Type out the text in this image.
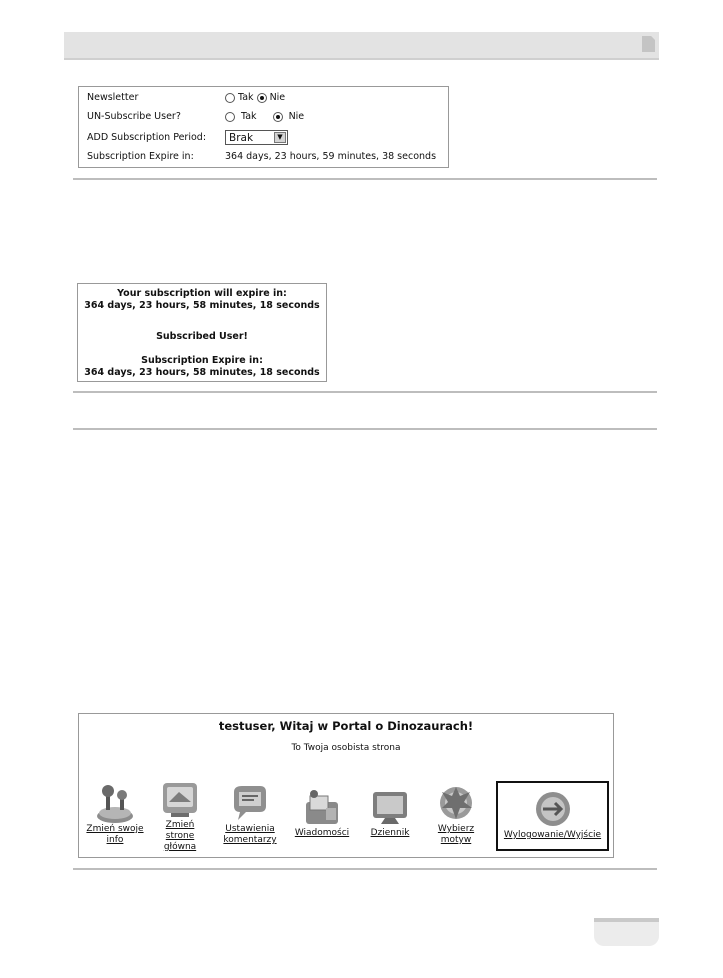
Newsletter	Tak Nie
UN-Subscribe User?	Tak	Nie
ADD Subscription Period: Brak	▼
Subscription Expire in:	364 days, 23 hours, 59 minutes, 38 seconds
Your subscription will expire in:
364 days, 23 hours, 58 minutes, 18 seconds
Subscribed User!
Subscription Expire in:
364 days, 23 hours, 58 minutes, 18 seconds
testuser, Witaj w Portal o Dinozaurach!
To Twoja osobista strona
Zmień swoje
info
Zmień
strone
główna
Ustawienia
komentarzy
Wiadomości	Dziennik	Wybierz
motyw	Wylogowanie/Wyjście
